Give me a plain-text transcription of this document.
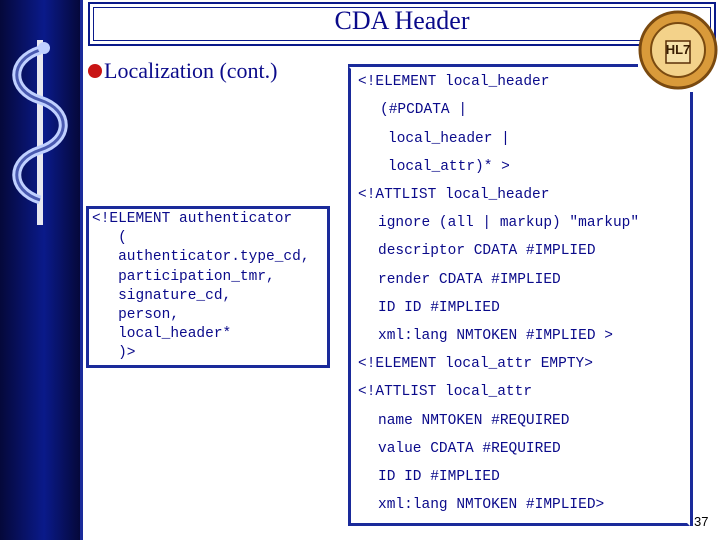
CDA Header
HL7
Localization (cont.)
<!ELEMENT authenticator
(
authenticator.type_cd,
participation_tmr,
signature_cd,
person,
local_header*
)>
<!ELEMENT local_header
(#PCDATA |
local_header |
local_attr)* >
<!ATTLIST local_header
ignore (all | markup) "markup"
descriptor CDATA #IMPLIED
render CDATA #IMPLIED
ID ID #IMPLIED
xml:lang NMTOKEN #IMPLIED >
<!ELEMENT local_attr EMPTY>
<!ATTLIST local_attr
name NMTOKEN #REQUIRED
value CDATA #REQUIRED
ID ID #IMPLIED
xml:lang NMTOKEN #IMPLIED>
37
